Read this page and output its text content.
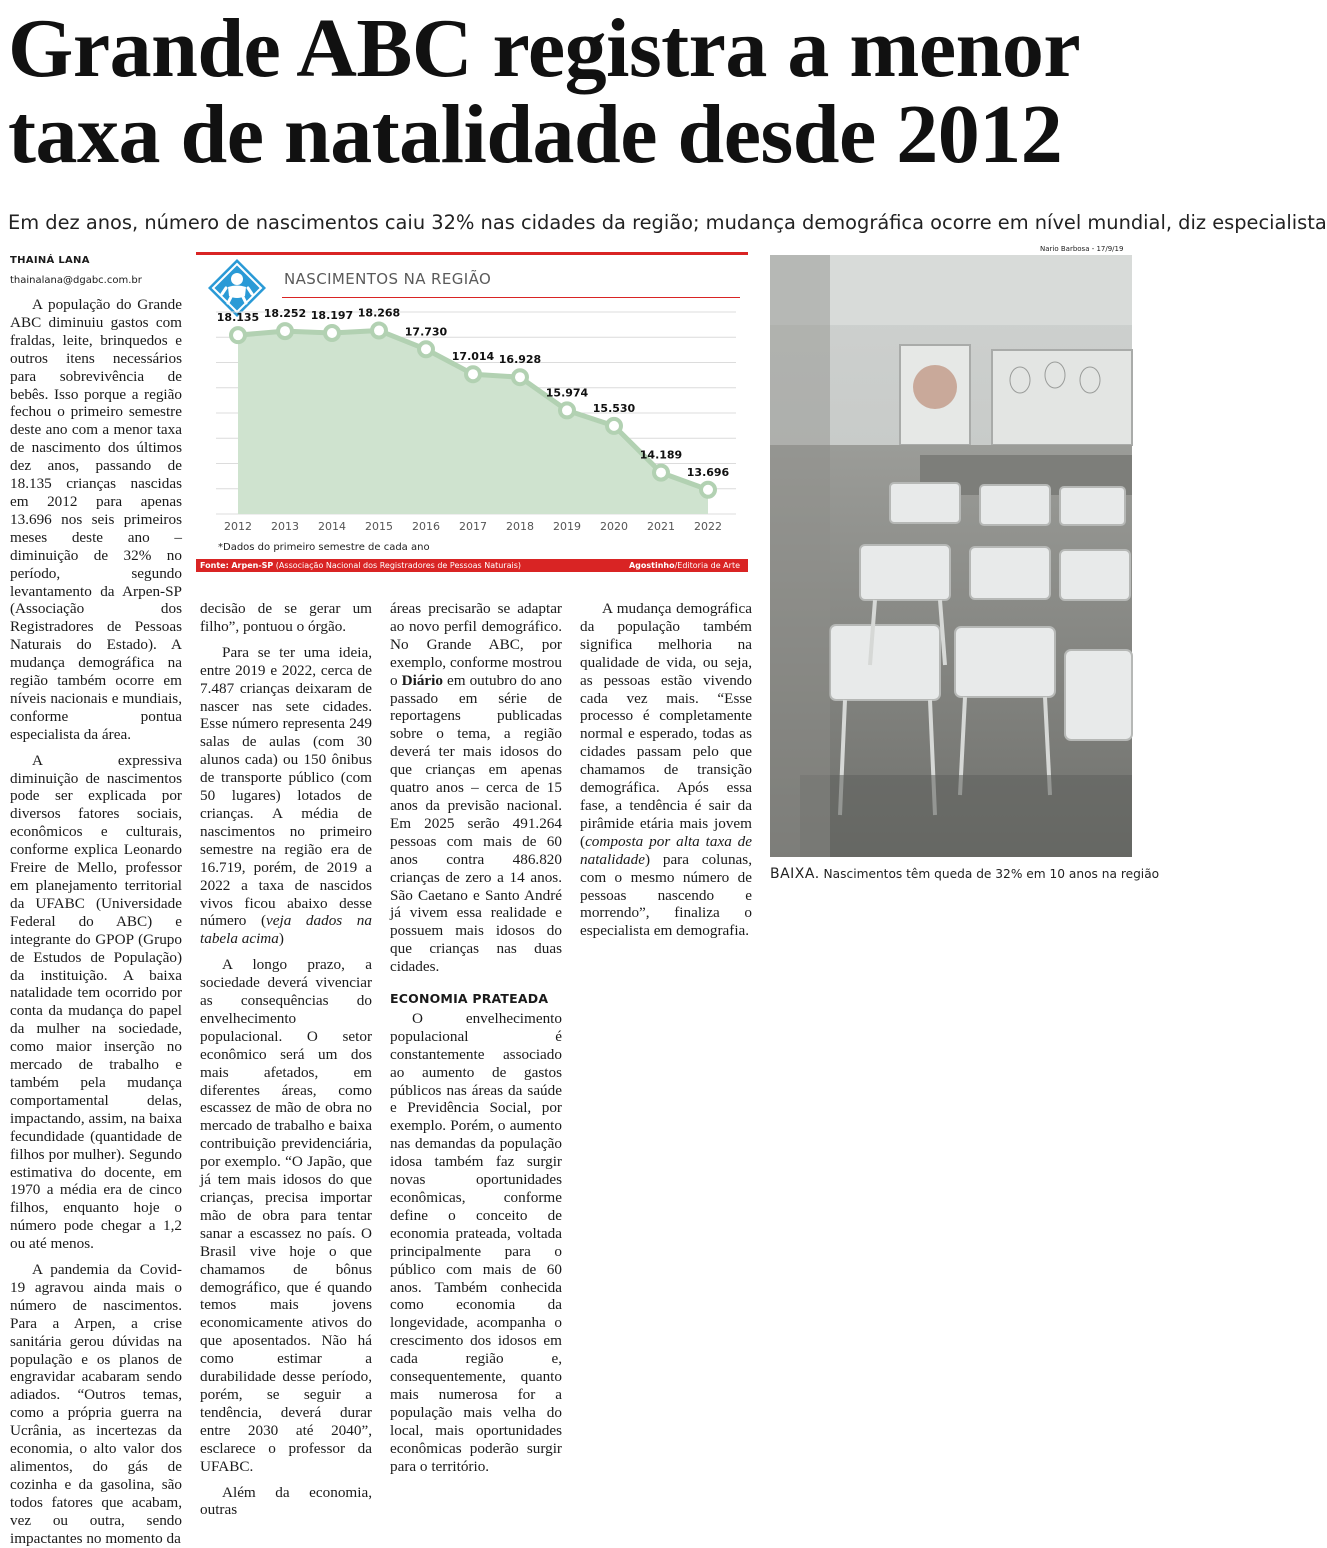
Grande ABC registra a menor
taxa de natalidade desde 2012
Em dez anos, número de nascimentos caiu 32% nas cidades da região; mudança demográfica ocorre em nível mundial, diz especialista
THAINÁ LANA
thainalana@dgabc.com.br

A população do Grande ABC diminuiu gastos com fraldas, leite, brinquedos e outros itens necessários para sobrevivência de bebês. Isso porque a região fechou o primeiro semestre deste ano com a menor taxa de nascimento dos últimos dez anos, passando de 18.135 crianças nascidas em 2012 para apenas 13.696 nos seis primeiros meses deste ano – diminuição de 32% no período, segundo levantamento da Arpen-SP (Associação dos Registradores de Pessoas Naturais do Estado). A mudança demográfica na região também ocorre em níveis nacionais e mundiais, conforme pontua especialista da área.

A expressiva diminuição de nascimentos pode ser explicada por diversos fatores sociais, econômicos e culturais, conforme explica Leonardo Freire de Mello, professor em planejamento territorial da UFABC (Universidade Federal do ABC) e integrante do GPOP (Grupo de Estudos de População) da instituição. A baixa natalidade tem ocorrido por conta da mudança do papel da mulher na sociedade, como maior inserção no mercado de trabalho e também pela mudança comportamental delas, impactando, assim, na baixa fecundidade (quantidade de filhos por mulher). Segundo estimativa do docente, em 1970 a média era de cinco filhos, enquanto hoje o número pode chegar a 1,2 ou até menos.

A pandemia da Covid-19 agravou ainda mais o número de nascimentos. Para a Arpen, a crise sanitária gerou dúvidas na população e os planos de engravidar acabaram sendo adiados. “Outros temas, como a própria guerra na Ucrânia, as incertezas da economia, o alto valor dos alimentos, do gás de cozinha e da gasolina, são todos fatores que acabam, vez ou outra, sendo impactantes no momento da

NASCIMENTOS NA REGIÃO
18.135
2012
18.252
2013
18.197
2014
18.268
2015
17.730
2016
17.014
2017
16.928
2018
15.974
2019
15.530
2020
14.189
2021
13.696
2022
*Dados do primeiro semestre de cada ano
Fonte: Arpen-SP (Associação Nacional dos Registradores de Pessoas Naturais)	Agostinho/Editoria de Arte

decisão de se gerar um filho”, pontuou o órgão.

Para se ter uma ideia, entre 2019 e 2022, cerca de 7.487 crianças deixaram de nascer nas sete cidades. Esse número representa 249 salas de aulas (com 30 alunos cada) ou 150 ônibus de transporte público (com 50 lugares) lotados de crianças. A média de nascimentos no primeiro semestre na região era de 16.719, porém, de 2019 a 2022 a taxa de nascidos vivos ficou abaixo desse número (veja dados na tabela acima)

A longo prazo, a sociedade deverá vivenciar as consequências do envelhecimento populacional. O setor econômico será um dos mais afetados, em diferentes áreas, como escassez de mão de obra no mercado de trabalho e baixa contribuição previdenciária, por exemplo. “O Japão, que já tem mais idosos do que crianças, precisa importar mão de obra para tentar sanar a escassez no país. O Brasil vive hoje o que chamamos de bônus demográfico, que é quando temos mais jovens economicamente ativos do que aposentados. Não há como estimar a durabilidade desse período, porém, se seguir a tendência, deverá durar entre 2030 até 2040”, esclarece o professor da UFABC.

Além da economia, outras

áreas precisarão se adaptar ao novo perfil demográfico. No Grande ABC, por exemplo, conforme mostrou o Diário em outubro do ano passado em série de reportagens publicadas sobre o tema, a região deverá ter mais idosos do que crianças em apenas quatro anos – cerca de 15 anos da previsão nacional. Em 2025 serão 491.264 pessoas com mais de 60 anos contra 486.820 crianças de zero a 14 anos. São Caetano e Santo André já vivem essa realidade e possuem mais idosos do que crianças nas duas cidades.

ECONOMIA PRATEADA

O envelhecimento populacional é constantemente associado ao aumento de gastos públicos nas áreas da saúde e Previdência Social, por exemplo. Porém, o aumento nas demandas da população idosa também faz surgir novas oportunidades econômicas, conforme define o conceito de economia prateada, voltada principalmente para o público com mais de 60 anos. Também conhecida como economia da longevidade, acompanha o crescimento dos idosos em cada região e, consequentemente, quanto mais numerosa for a população mais velha do local, mais oportunidades econômicas poderão surgir para o território.

A mudança demográfica da população também significa melhoria na qualidade de vida, ou seja, as pessoas estão vivendo cada vez mais. “Esse processo é completamente normal e esperado, todas as cidades passam pelo que chamamos de transição demográfica. Após essa fase, a tendência é sair da pirâmide etária mais jovem (composta por alta taxa de natalidade) para colunas, com o mesmo número de pessoas nascendo e morrendo”, finaliza o especialista em demografia.

Nario Barbosa - 17/9/19
BAIXA. Nascimentos têm queda de 32% em 10 anos na região
